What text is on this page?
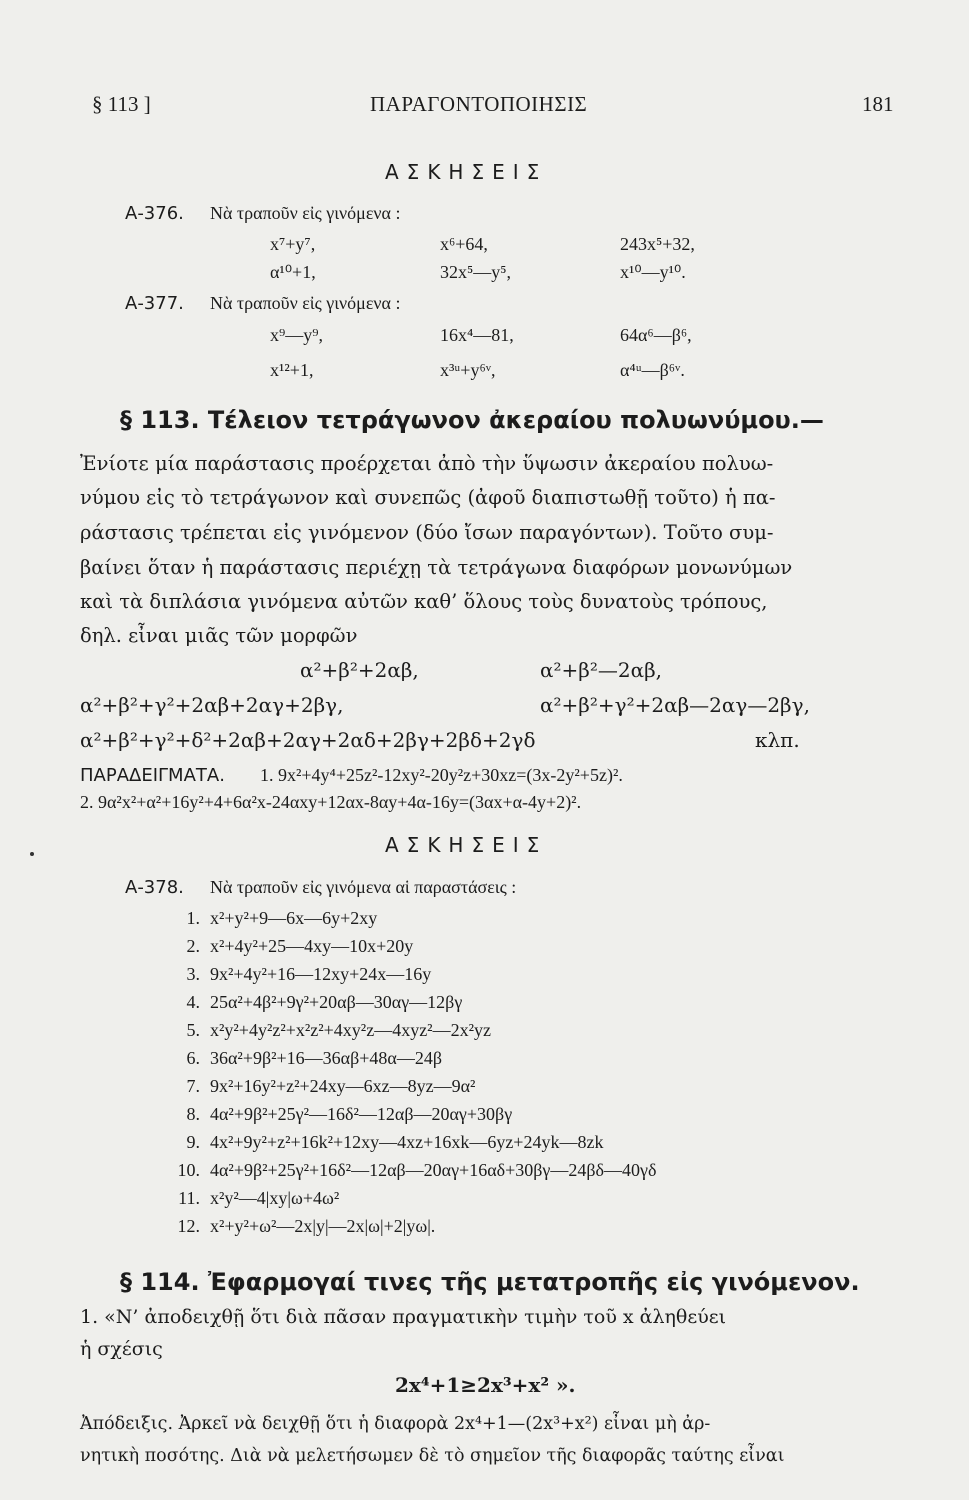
§ 113 ]	ΠΑΡΑΓΟΝΤΟΠΟΙΗΣΙΣ	181
ΑΣΚΗΣΕΙΣ
Α-376. Νὰ τραποῦν εἰς γινόμενα :
x⁷+y⁷,	x⁶+64,	243x⁵+32,
α¹⁰+1,	32x⁵—y⁵,	x¹⁰—y¹⁰.
Α-377. Νὰ τραποῦν εἰς γινόμενα :
x⁹—y⁹,	16x⁴—81,	64α⁶—β⁶,
x¹²+1,	x³ᵘ+y⁶ᵛ,	α⁴ᵘ—β⁶ᵛ.
§ 113. Τέλειον τετράγωνον ἀκεραίου πολυωνύμου.—
Ἐνίοτε μία παράστασις προέρχεται ἀπὸ τὴν ὕψωσιν ἀκεραίου πολυω-
νύμου εἰς τὸ τετράγωνον καὶ συνεπῶς (ἀφοῦ διαπιστωθῇ τοῦτο) ἡ πα-
ράστασις τρέπεται εἰς γινόμενον (δύο ἴσων παραγόντων). Τοῦτο συμ-
βαίνει ὅταν ἡ παράστασις περιέχῃ τὰ τετράγωνα διαφόρων μονωνύμων
καὶ τὰ διπλάσια γινόμενα αὐτῶν καθ’ ὅλους τοὺς δυνατοὺς τρόπους,
δηλ. εἶναι μιᾶς τῶν μορφῶν
α²+β²+2αβ,	α²+β²—2αβ,
α²+β²+γ²+2αβ+2αγ+2βγ,	α²+β²+γ²+2αβ—2αγ—2βγ,
α²+β²+γ²+δ²+2αβ+2αγ+2αδ+2βγ+2βδ+2γδ	κλπ.
ΠΑΡΑΔΕΙΓΜΑΤΑ. 1. 9x²+4y⁴+25z²-12xy²-20y²z+30xz=(3x-2y²+5z)².
2. 9α²x²+α²+16y²+4+6α²x-24αxy+12αx-8αy+4α-16y=(3αx+α-4y+2)².
ΑΣΚΗΣΕΙΣ
Α-378. Νὰ τραποῦν εἰς γινόμενα αἱ παραστάσεις :
1. x²+y²+9—6x—6y+2xy
2. x²+4y²+25—4xy—10x+20y
3. 9x²+4y²+16—12xy+24x—16y
4. 25α²+4β²+9γ²+20αβ—30αγ—12βγ
5. x²y²+4y²z²+x²z²+4xy²z—4xyz²—2x²yz
6. 36α²+9β²+16—36αβ+48α—24β
7. 9x²+16y²+z²+24xy—6xz—8yz—9α²
8. 4α²+9β²+25γ²—16δ²—12αβ—20αγ+30βγ
9. 4x²+9y²+z²+16k²+12xy—4xz+16xk—6yz+24yk—8zk
10. 4α²+9β²+25γ²+16δ²—12αβ—20αγ+16αδ+30βγ—24βδ—40γδ
11. x²y²—4|xy|ω+4ω²
12. x²+y²+ω²—2x|y|—2x|ω|+2|yω|.
§ 114. Ἐφαρμογαί τινες τῆς μετατροπῆς εἰς γινόμενον.
1. «Ν’ ἀποδειχθῇ ὅτι διὰ πᾶσαν πραγματικὴν τιμὴν τοῦ x ἀληθεύει
ἡ σχέσις
2x⁴+1≥2x³+x² ».
Ἀπόδειξις. Ἀρκεῖ νὰ δειχθῇ ὅτι ἡ διαφορὰ 2x⁴+1—(2x³+x²) εἶναι μὴ ἀρ-
νητικὴ ποσότης. Διὰ νὰ μελετήσωμεν δὲ τὸ σημεῖον τῆς διαφορᾶς ταύτης εἶναι
